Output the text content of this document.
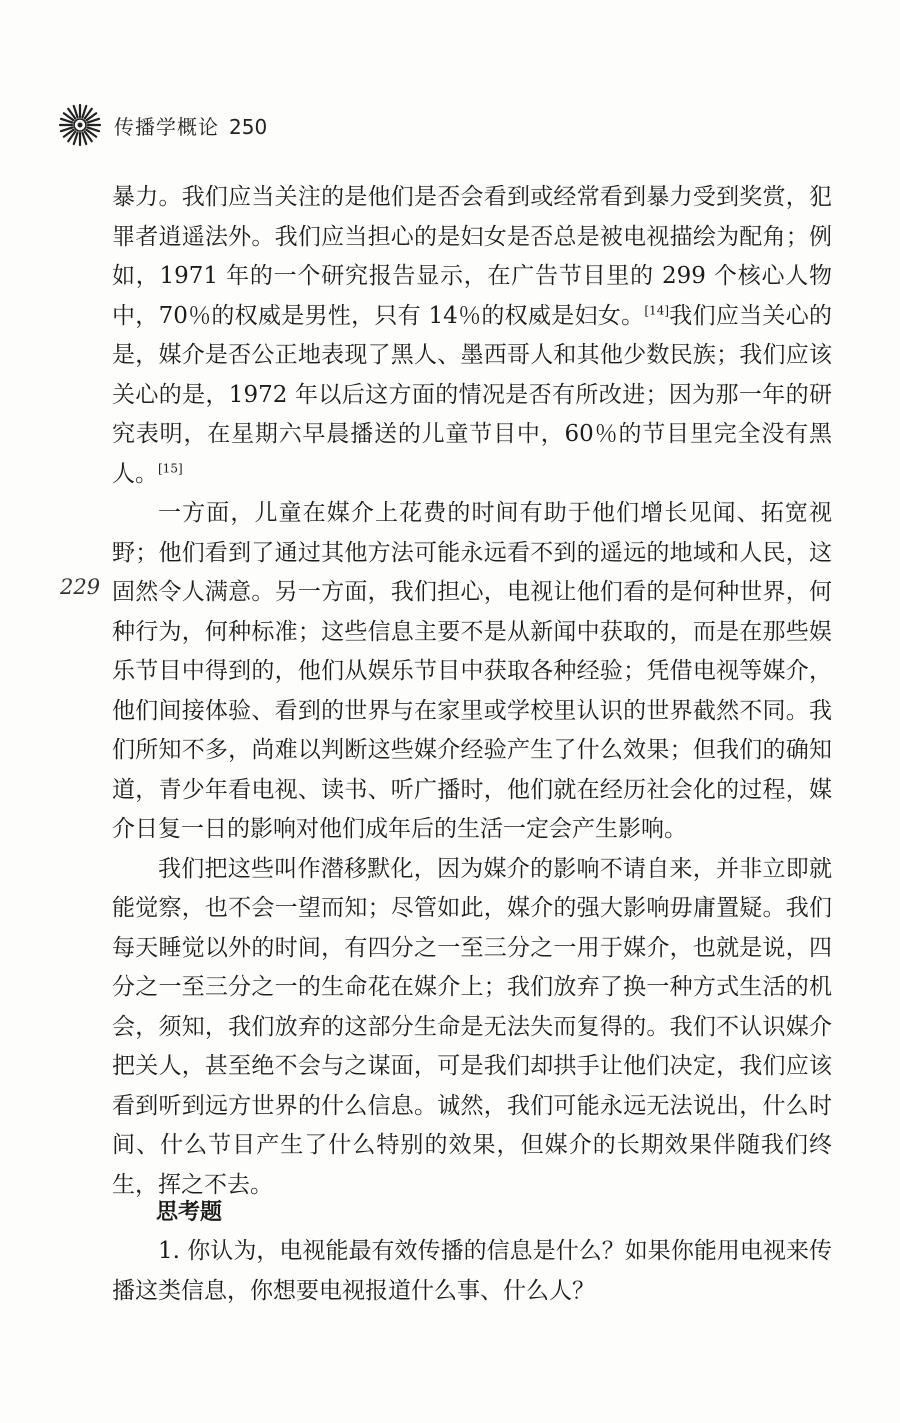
传播学概论 250
229

暴力。我们应当关注的是他们是否会看到或经常看到暴力受到奖赏，犯罪者逍遥法外。我们应当担心的是妇女是否总是被电视描绘为配角；例如，1971 年的一个研究报告显示，在广告节目里的 299 个核心人物中，70％的权威是男性，只有 14％的权威是妇女。[14]我们应当关心的是，媒介是否公正地表现了黑人、墨西哥人和其他少数民族；我们应该关心的是，1972 年以后这方面的情况是否有所改进；因为那一年的研究表明，在星期六早晨播送的儿童节目中，60％的节目里完全没有黑人。[15]

一方面，儿童在媒介上花费的时间有助于他们增长见闻、拓宽视野；他们看到了通过其他方法可能永远看不到的遥远的地域和人民，这固然令人满意。另一方面，我们担心，电视让他们看的是何种世界，何种行为，何种标准；这些信息主要不是从新闻中获取的，而是在那些娱乐节目中得到的，他们从娱乐节目中获取各种经验；凭借电视等媒介，他们间接体验、看到的世界与在家里或学校里认识的世界截然不同。我们所知不多，尚难以判断这些媒介经验产生了什么效果；但我们的确知道，青少年看电视、读书、听广播时，他们就在经历社会化的过程，媒介日复一日的影响对他们成年后的生活一定会产生影响。

我们把这些叫作潜移默化，因为媒介的影响不请自来，并非立即就能觉察，也不会一望而知；尽管如此，媒介的强大影响毋庸置疑。我们每天睡觉以外的时间，有四分之一至三分之一用于媒介，也就是说，四分之一至三分之一的生命花在媒介上；我们放弃了换一种方式生活的机会，须知，我们放弃的这部分生命是无法失而复得的。我们不认识媒介把关人，甚至绝不会与之谋面，可是我们却拱手让他们决定，我们应该看到听到远方世界的什么信息。诚然，我们可能永远无法说出，什么时间、什么节目产生了什么特别的效果，但媒介的长期效果伴随我们终生，挥之不去。

思考题

1. 你认为，电视能最有效传播的信息是什么？如果你能用电视来传播这类信息，你想要电视报道什么事、什么人？
